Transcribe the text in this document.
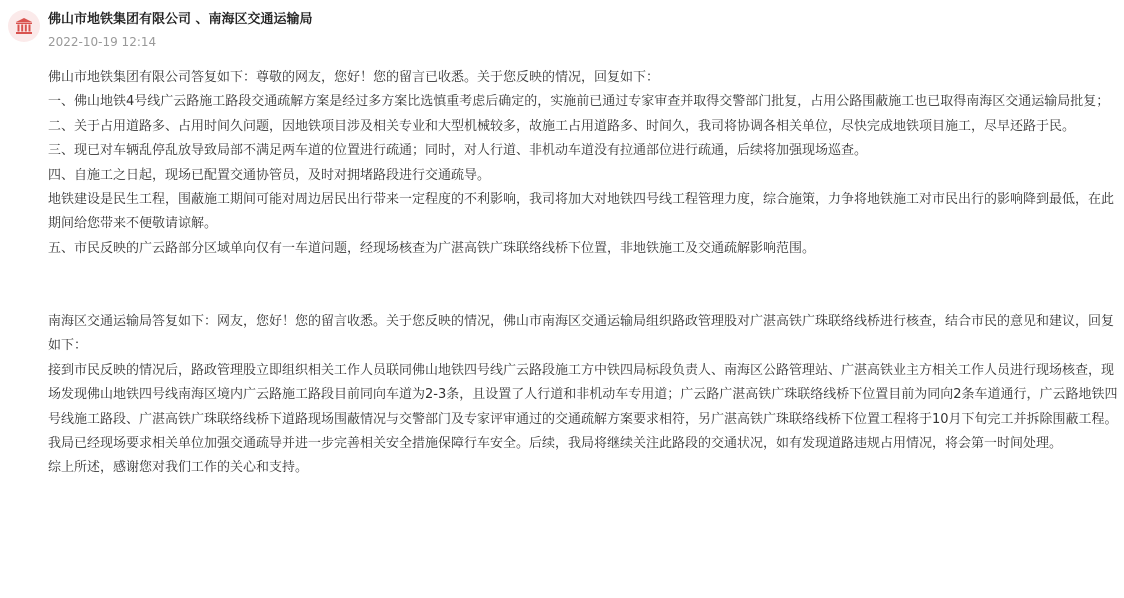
佛山市地铁集团有限公司 、南海区交通运输局
2022-10-19 12:14

佛山市地铁集团有限公司答复如下：尊敬的网友，您好！您的留言已收悉。关于您反映的情况，回复如下：

一、佛山地铁4号线广云路施工路段交通疏解方案是经过多方案比选慎重考虑后确定的，实施前已通过专家审查并取得交警部门批复，占用公路围蔽施工也已取得南海区交通运输局批复；

二、关于占用道路多、占用时间久问题，因地铁项目涉及相关专业和大型机械较多，故施工占用道路多、时间久，我司将协调各相关单位，尽快完成地铁项目施工，尽早还路于民。

三、现已对车辆乱停乱放导致局部不满足两车道的位置进行疏通；同时，对人行道、非机动车道没有拉通部位进行疏通，后续将加强现场巡查。

四、自施工之日起，现场已配置交通协管员，及时对拥堵路段进行交通疏导。

地铁建设是民生工程，围蔽施工期间可能对周边居民出行带来一定程度的不利影响，我司将加大对地铁四号线工程管理力度，综合施策，力争将地铁施工对市民出行的影响降到最低，在此期间给您带来不便敬请谅解。

五、市民反映的广云路部分区域单向仅有一车道问题，经现场核查为广湛高铁广珠联络线桥下位置，非地铁施工及交通疏解影响范围。

南海区交通运输局答复如下：网友，您好！您的留言收悉。关于您反映的情况，佛山市南海区交通运输局组织路政管理股对广湛高铁广珠联络线桥进行核查，结合市民的意见和建议，回复如下：

接到市民反映的情况后，路政管理股立即组织相关工作人员联同佛山地铁四号线广云路段施工方中铁四局标段负责人、南海区公路管理站、广湛高铁业主方相关工作人员进行现场核查，现场发现佛山地铁四号线南海区境内广云路施工路段目前同向车道为2-3条，且设置了人行道和非机动车专用道；广云路广湛高铁广珠联络线桥下位置目前为同向2条车道通行，广云路地铁四号线施工路段、广湛高铁广珠联络线桥下道路现场围蔽情况与交警部门及专家评审通过的交通疏解方案要求相符，另广湛高铁广珠联络线桥下位置工程将于10月下旬完工并拆除围蔽工程。我局已经现场要求相关单位加强交通疏导并进一步完善相关安全措施保障行车安全。后续，我局将继续关注此路段的交通状况，如有发现道路违规占用情况，将会第一时间处理。

综上所述，感谢您对我们工作的关心和支持。
